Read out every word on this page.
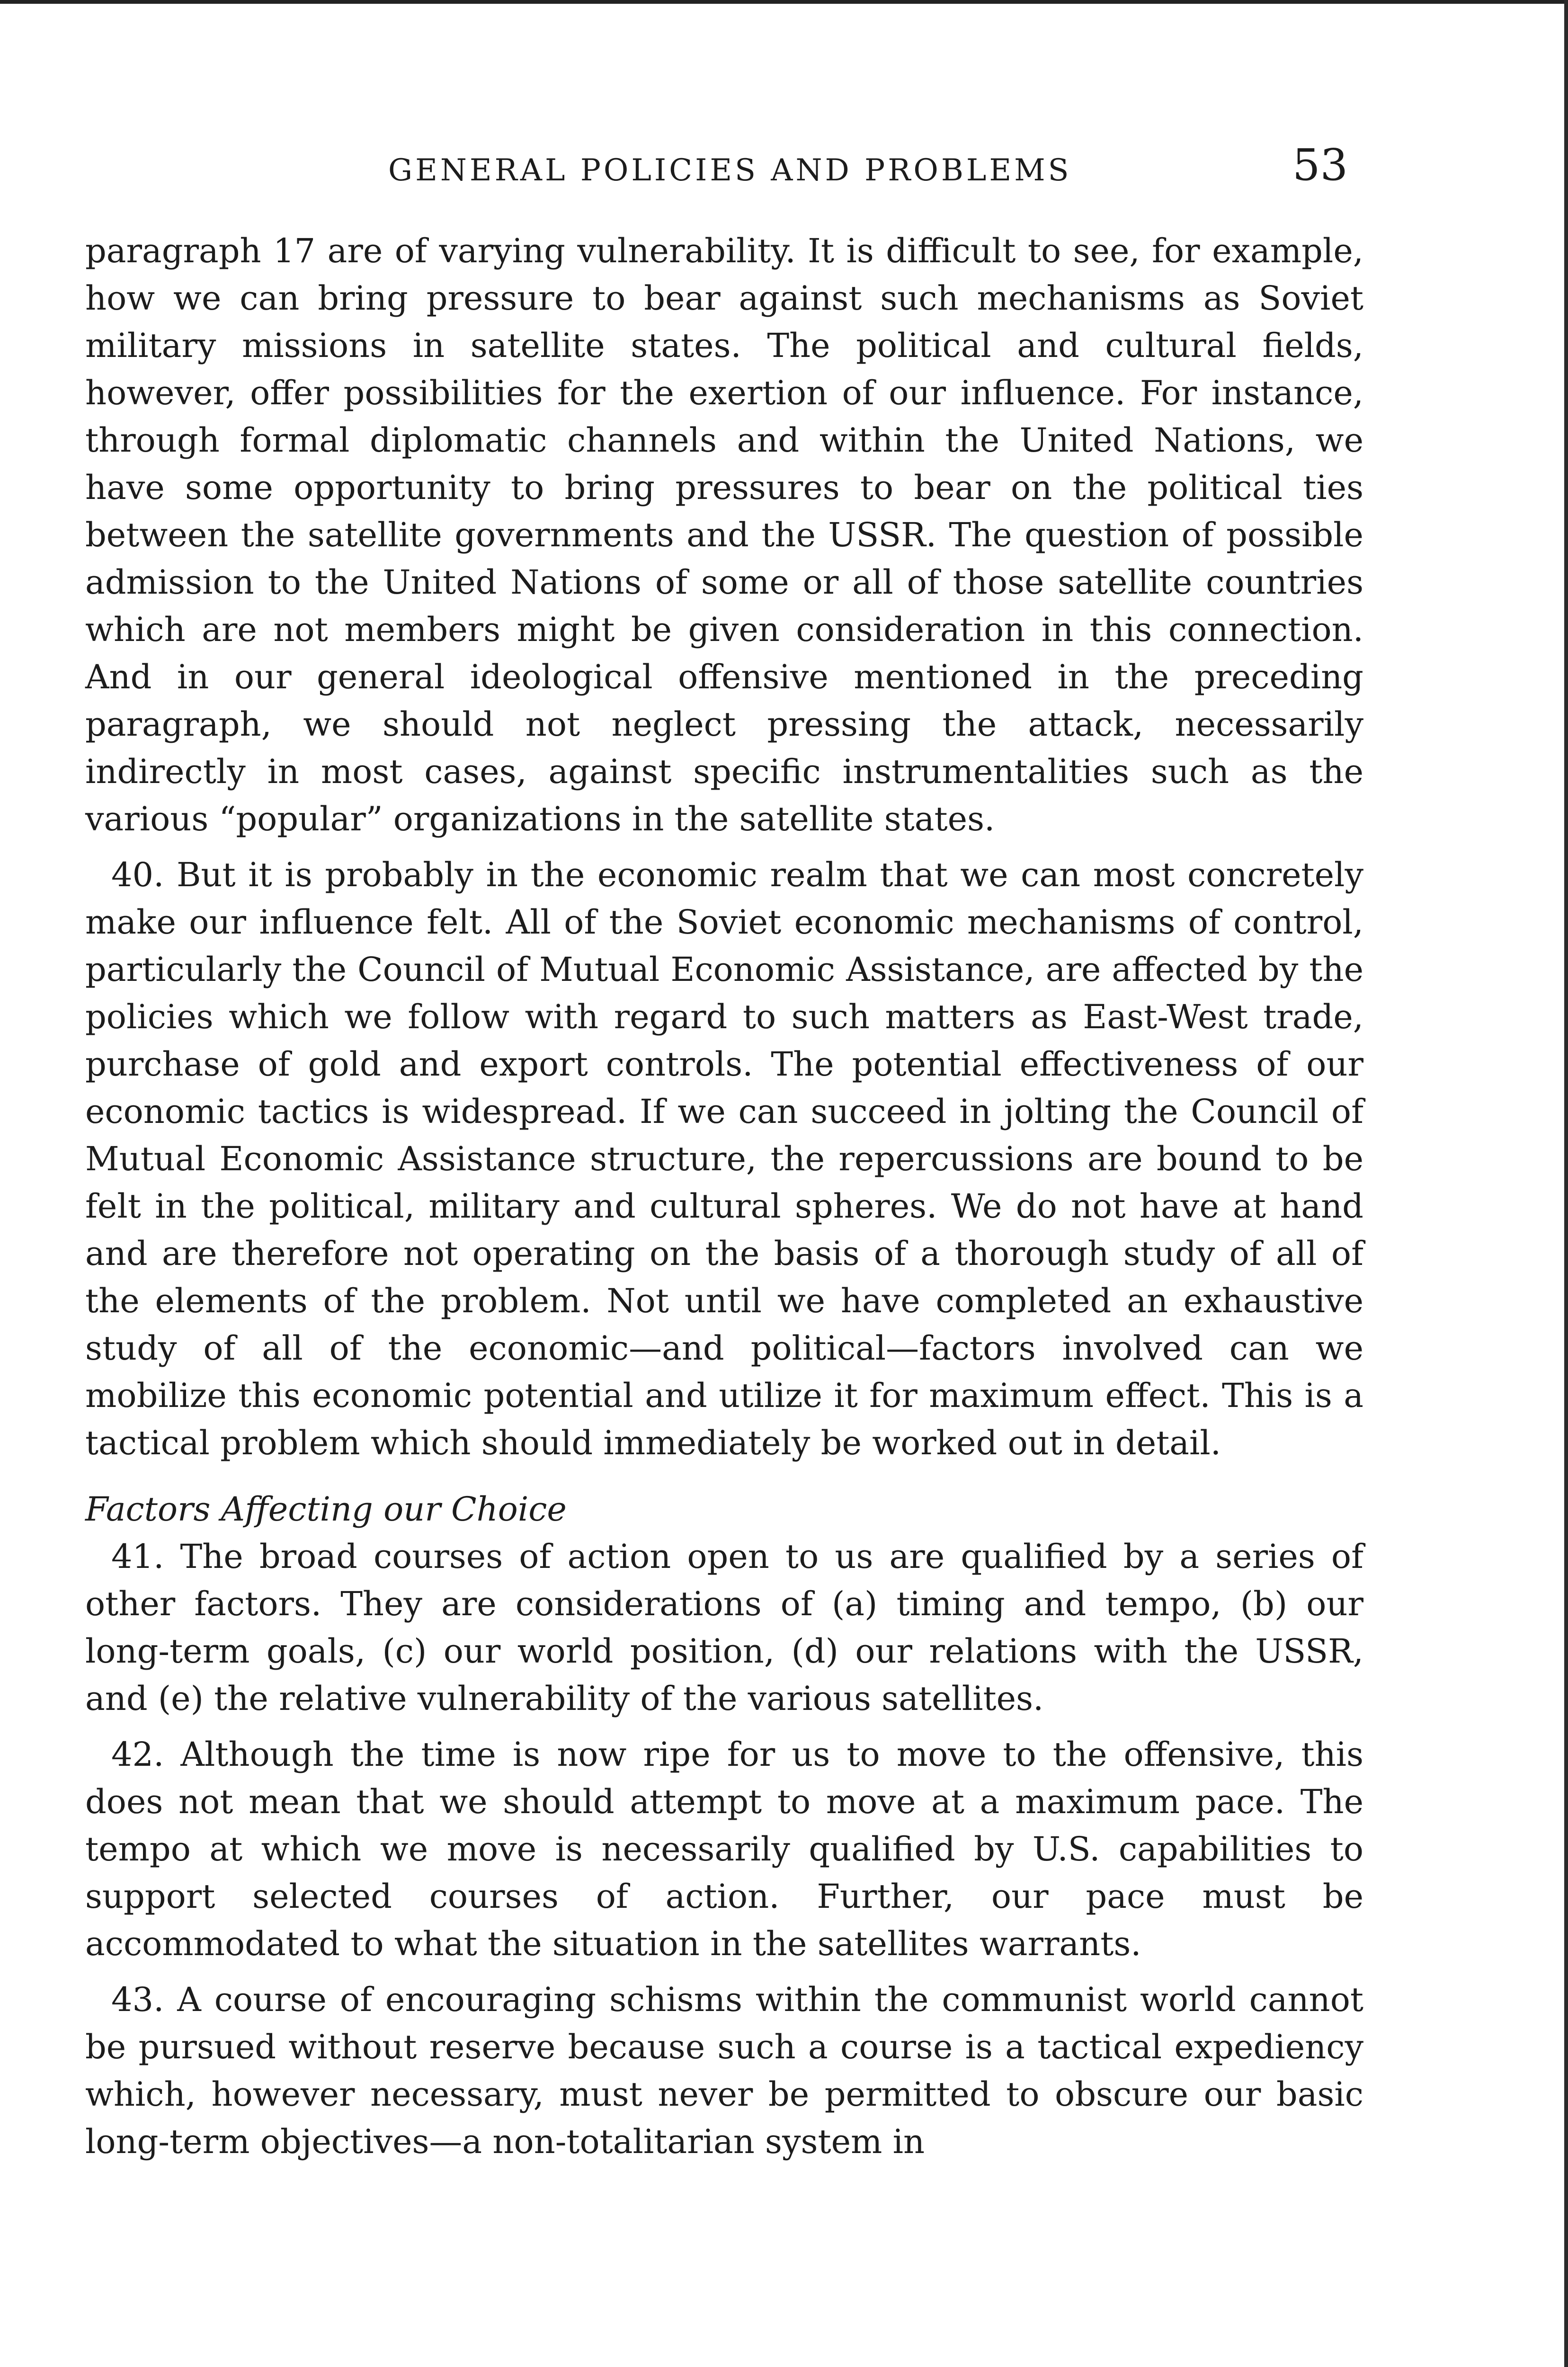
GENERAL POLICIES AND PROBLEMS	53

paragraph 17 are of varying vulnerability. It is difficult to see, for example, how we can bring pressure to bear against such mechanisms as Soviet military missions in satellite states. The political and cultural fields, however, offer possibilities for the exertion of our influence. For instance, through formal diplomatic channels and within the United Nations, we have some opportunity to bring pressures to bear on the political ties between the satellite governments and the USSR. The question of possible admission to the United Nations of some or all of those satellite countries which are not members might be given consideration in this connection. And in our general ideological offensive mentioned in the preceding paragraph, we should not neglect pressing the attack, necessarily indirectly in most cases, against specific instrumentalities such as the various “popular” organizations in the satellite states.

40. But it is probably in the economic realm that we can most concretely make our influence felt. All of the Soviet economic mechanisms of control, particularly the Council of Mutual Economic Assistance, are affected by the policies which we follow with regard to such matters as East-West trade, purchase of gold and export controls. The potential effectiveness of our economic tactics is widespread. If we can succeed in jolting the Council of Mutual Economic Assistance structure, the repercussions are bound to be felt in the political, military and cultural spheres. We do not have at hand and are therefore not operating on the basis of a thorough study of all of the elements of the problem. Not until we have completed an exhaustive study of all of the economic—and political—factors involved can we mobilize this economic potential and utilize it for maximum effect. This is a tactical problem which should immediately be worked out in detail.

Factors Affecting our Choice

41. The broad courses of action open to us are qualified by a series of other factors. They are considerations of (a) timing and tempo, (b) our long-term goals, (c) our world position, (d) our relations with the USSR, and (e) the relative vulnerability of the various satellites.

42. Although the time is now ripe for us to move to the offensive, this does not mean that we should attempt to move at a maximum pace. The tempo at which we move is necessarily qualified by U.S. capabilities to support selected courses of action. Further, our pace must be accommodated to what the situation in the satellites warrants.

43. A course of encouraging schisms within the communist world cannot be pursued without reserve because such a course is a tactical expediency which, however necessary, must never be permitted to obscure our basic long-term objectives—a non-totalitarian system in
